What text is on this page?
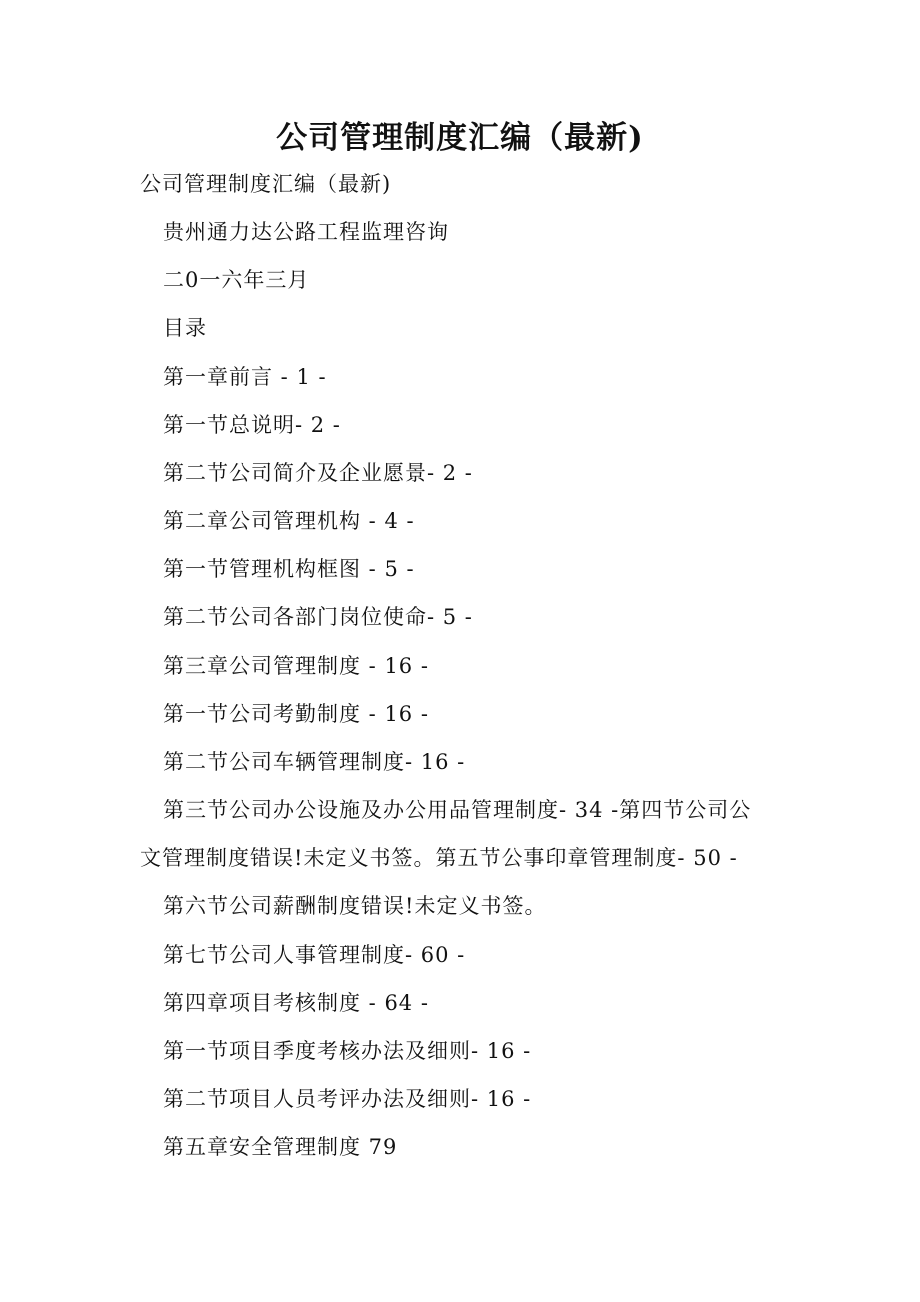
公司管理制度汇编（最新)
公司管理制度汇编（最新)
贵州通力达公路工程监理咨询
二0一六年三月
目录
第一章前言 - 1 -
第一节总说明- 2 -
第二节公司简介及企业愿景- 2 -
第二章公司管理机构 - 4 -
第一节管理机构框图 - 5 -
第二节公司各部门岗位使命- 5 -
第三章公司管理制度 - 16 -
第一节公司考勤制度 - 16 -
第二节公司车辆管理制度- 16 -
第三节公司办公设施及办公用品管理制度- 34 -第四节公司公
文管理制度错误!未定义书签。第五节公事印章管理制度- 50 -
第六节公司薪酬制度错误!未定义书签。
第七节公司人事管理制度- 60 -
第四章项目考核制度 - 64 -
第一节项目季度考核办法及细则- 16 -
第二节项目人员考评办法及细则- 16 -
第五章安全管理制度 79
